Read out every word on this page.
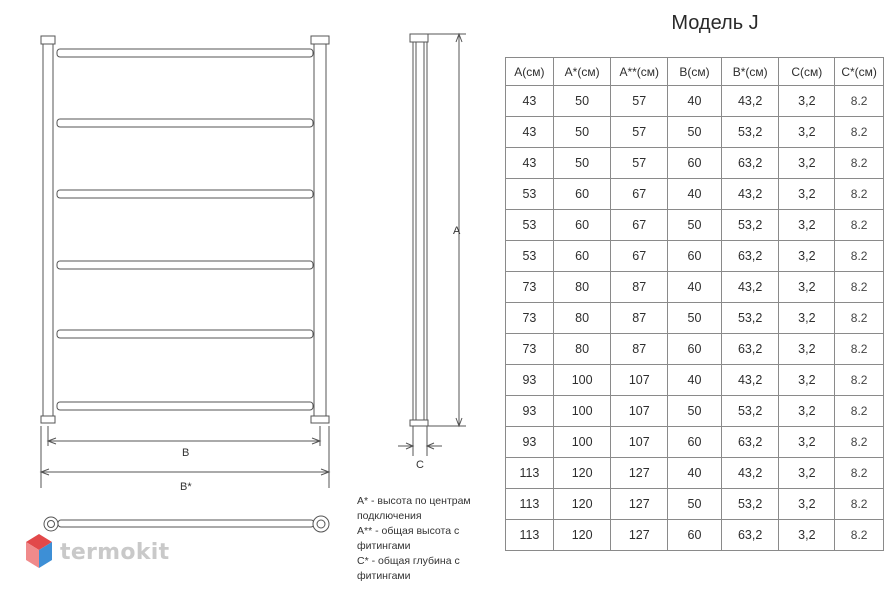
B
B*
A
C
Модель J
A(см)	A*(см)	A**(см)	B(см)	B*(см)	C(см)	C*(см)
43	50	57	40	43,2	3,2	8.2
43	50	57	50	53,2	3,2	8.2
43	50	57	60	63,2	3,2	8.2
53	60	67	40	43,2	3,2	8.2
53	60	67	50	53,2	3,2	8.2
53	60	67	60	63,2	3,2	8.2
73	80	87	40	43,2	3,2	8.2
73	80	87	50	53,2	3,2	8.2
73	80	87	60	63,2	3,2	8.2
93	100	107	40	43,2	3,2	8.2
93	100	107	50	53,2	3,2	8.2
93	100	107	60	63,2	3,2	8.2
113	120	127	40	43,2	3,2	8.2
113	120	127	50	53,2	3,2	8.2
113	120	127	60	63,2	3,2	8.2

A* - высота по центрам подключения

A** - общая высота с фитингами

C* - общая глубина с фитингами

termokit
